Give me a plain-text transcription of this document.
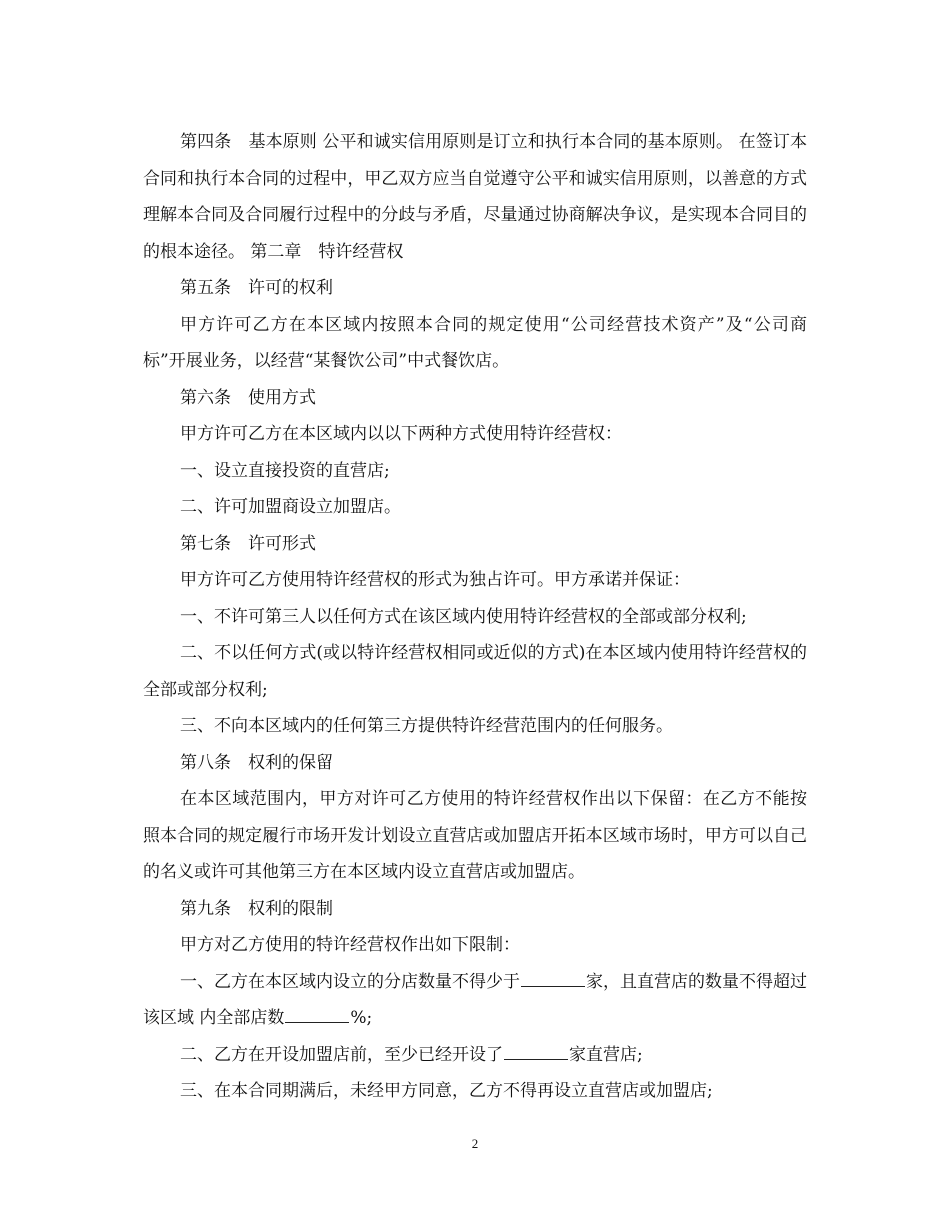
第四条　基本原则 公平和诚实信用原则是订立和执行本合同的基本原则。 在签订本合同和执行本合同的过程中，甲乙双方应当自觉遵守公平和诚实信用原则，以善意的方式理解本合同及合同履行过程中的分歧与矛盾，尽量通过协商解决争议，是实现本合同目的的根本途径。 第二章　特许经营权

第五条　许可的权利

甲方许可乙方在本区域内按照本合同的规定使用“公司经营技术资产”及“公司商标”开展业务，以经营“某餐饮公司”中式餐饮店。

第六条　使用方式

甲方许可乙方在本区域内以以下两种方式使用特许经营权：

一、设立直接投资的直营店;

二、许可加盟商设立加盟店。

第七条　许可形式

甲方许可乙方使用特许经营权的形式为独占许可。甲方承诺并保证：

一、不许可第三人以任何方式在该区域内使用特许经营权的全部或部分权利;

二、不以任何方式(或以特许经营权相同或近似的方式)在本区域内使用特许经营权的全部或部分权利;

三、不向本区域内的任何第三方提供特许经营范围内的任何服务。

第八条　权利的保留

在本区域范围内，甲方对许可乙方使用的特许经营权作出以下保留：在乙方不能按照本合同的规定履行市场开发计划设立直营店或加盟店开拓本区域市场时，甲方可以自己的名义或许可其他第三方在本区域内设立直营店或加盟店。

第九条　权利的限制

甲方对乙方使用的特许经营权作出如下限制：

一、乙方在本区域内设立的分店数量不得少于	家，且直营店的数量不得超过该区域 内全部店数	%;

二、乙方在开设加盟店前，至少已经开设了	家直营店;

三、在本合同期满后，未经甲方同意，乙方不得再设立直营店或加盟店;

2
